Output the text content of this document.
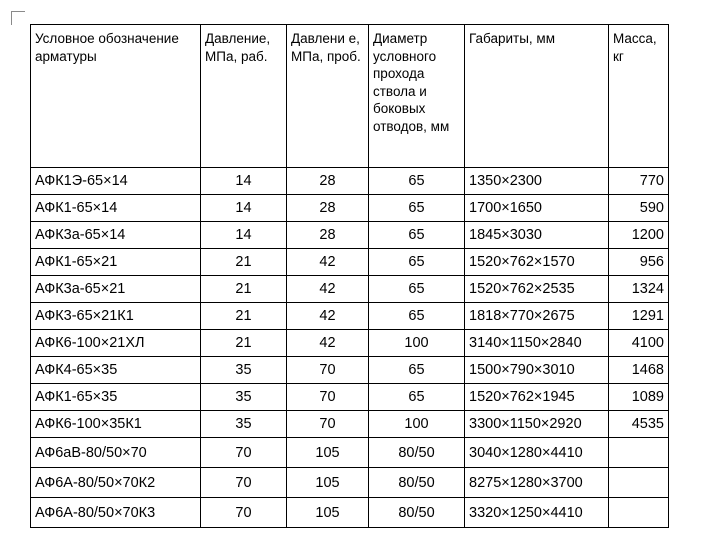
Условное обозначение арматуры	Давление, МПа, раб.	Давлени е, МПа, проб.	Диаметр условного прохода ствола и боковых отводов, мм	Габариты, мм	Масса, кг
АФК1Э-65×14	14	28	65	1350×2300	770
АФК1-65×14	14	28	65	1700×1650	590
АФК3а-65×14	14	28	65	1845×3030	1200
АФК1-65×21	21	42	65	1520×762×1570	956
АФК3а-65×21	21	42	65	1520×762×2535	1324
АФК3-65×21К1	21	42	65	1818×770×2675	1291
АФК6-100×21ХЛ	21	42	100	3140×1150×2840	4100
АФК4-65×35	35	70	65	1500×790×3010	1468
АФК1-65×35	35	70	65	1520×762×1945	1089
АФК6-100×35К1	35	70	100	3300×1150×2920	4535
АФ6аВ-80/50×70	70	105	80/50	3040×1280×4410	
АФ6А-80/50×70К2	70	105	80/50	8275×1280×3700	
АФ6А-80/50×70К3	70	105	80/50	3320×1250×4410	
